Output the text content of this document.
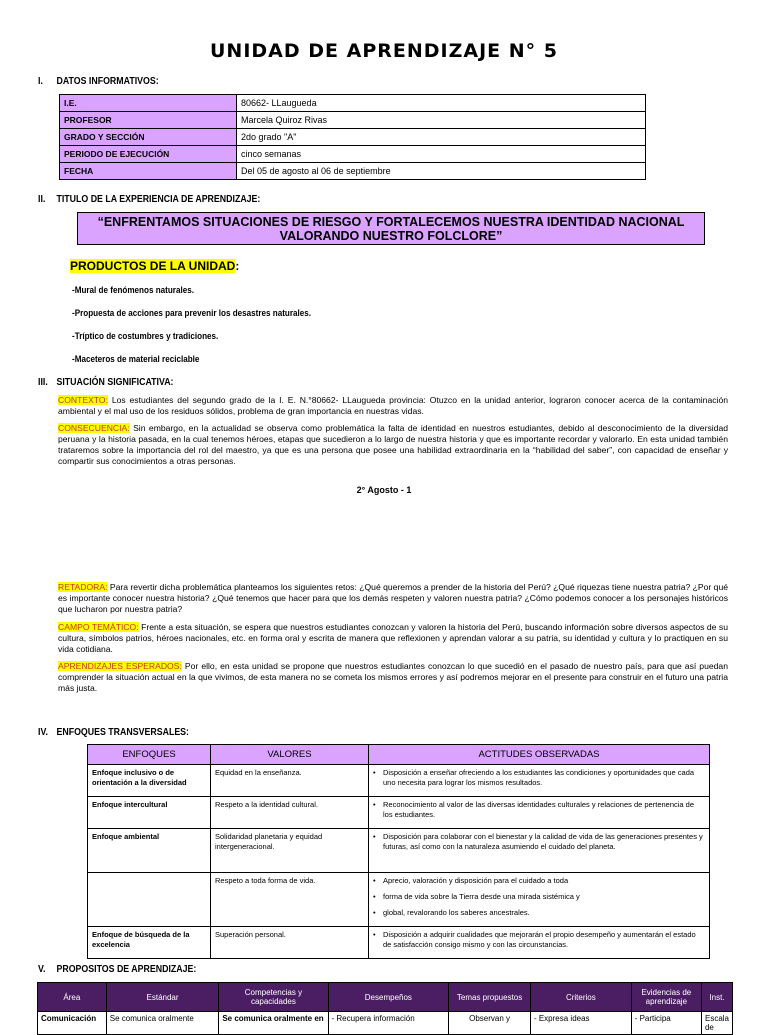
UNIDAD DE APRENDIZAJE N° 5
I. DATOS INFORMATIVOS:
I.E.	80662- LLaugueda
PROFESOR	Marcela Quiroz Rivas
GRADO Y SECCIÓN	2do grado "A"
PERIODO DE EJECUCIÓN	cinco semanas
FECHA	Del 05 de agosto al 06 de septiembre
II. TITULO DE LA EXPERIENCIA DE APRENDIZAJE:
“ENFRENTAMOS SITUACIONES DE RIESGO Y FORTALECEMOS NUESTRA IDENTIDAD NACIONAL VALORANDO NUESTRO FOLCLORE”
PRODUCTOS DE LA UNIDAD:
-Mural de fenómenos naturales.
-Propuesta de acciones para prevenir los desastres naturales.
-Tríptico de costumbres y tradiciones.
-Maceteros de material reciclable
III. SITUACIÓN SIGNIFICATIVA:
CONTEXTO: Los estudiantes del segundo grado de la I. E. N.°80662- LLaugueda provincia: Otuzco en la unidad anterior, lograron conocer acerca de la contaminación ambiental y el mal uso de los residuos sólidos, problema de gran importancia en nuestras vidas.
CONSECUENCIA: Sin embargo, en la actualidad se observa como problemática la falta de identidad en nuestros estudiantes, debido al desconocimiento de la diversidad peruana y la historia pasada, en la cual tenemos héroes, etapas que sucedieron a lo largo de nuestra historia y que es importante recordar y valorarlo. En esta unidad también trataremos sobre la importancia del rol del maestro, ya que es una persona que posee una habilidad extraordinaria en la “habilidad del saber”, con capacidad de enseñar y compartir sus conocimientos a otras personas.
2° Agosto - 1
RETADORA: Para revertir dicha problemática planteamos los siguientes retos: ¿Qué queremos a prender de la historia del Perú? ¿Qué riquezas tiene nuestra patria? ¿Por qué es importante conocer nuestra historia? ¿Qué tenemos que hacer para que los demás respeten y valoren nuestra patria? ¿Cómo podemos conocer a los personajes históricos que lucharon por nuestra patria?
CAMPO TEMÁTICO: Frente a esta situación, se espera que nuestros estudiantes conozcan y valoren la historia del Perú, buscando información sobre diversos aspectos de su cultura, símbolos patrios, héroes nacionales, etc. en forma oral y escrita de manera que reflexionen y aprendan valorar a su patria, su identidad y cultura y lo practiquen en su vida cotidiana.
APRENDIZAJES ESPERADOS: Por ello, en esta unidad se propone que nuestros estudiantes conozcan lo que sucedió en el pasado de nuestro país, para que así puedan comprender la situación actual en la que vivimos, de esta manera no se cometa los mismos errores y así podremos mejorar en el presente para construir en el futuro una patria más justa.
IV. ENFOQUES TRANSVERSALES:
ENFOQUES	VALORES	ACTITUDES OBSERVADAS
Enfoque inclusivo o de orientación a la diversidad	Equidad en la enseñanza.	• Disposición a enseñar ofreciendo a los estudiantes las condiciones y oportunidades que cada uno necesita para lograr los mismos resultados.

Enfoque intercultural	Respeto a la identidad cultural.	• Reconocimiento al valor de las diversas identidades culturales y relaciones de pertenencia de los estudiantes.

Enfoque ambiental	Solidaridad planetaria y equidad intergeneracional.	• Disposición para colaborar con el bienestar y la calidad de vida de las generaciones presentes y futuras, así como con la naturaleza asumiendo el cuidado del planeta.

	Respeto a toda forma de vida.	• Aprecio, valoración y disposición para el cuidado a toda
• forma de vida sobre la Tierra desde una mirada sistémica y
• global, revalorando los saberes ancestrales.

Enfoque de búsqueda de la excelencia	Superación personal.	• Disposición a adquirir cualidades que mejorarán el propio desempeño y aumentarán el estado de satisfacción consigo mismo y con las circunstancias.
V. PROPOSITOS DE APRENDIZAJE:
Área	Estándar	Competencias y capacidades	Desempeños	Temas propuestos	Criterios	Evidencias de aprendizaje	Inst.
Comunicación	Se comunica oralmente	Se comunica oralmente en	- Recupera información	Observan y	- Expresa ideas	- Participa	Escala de
